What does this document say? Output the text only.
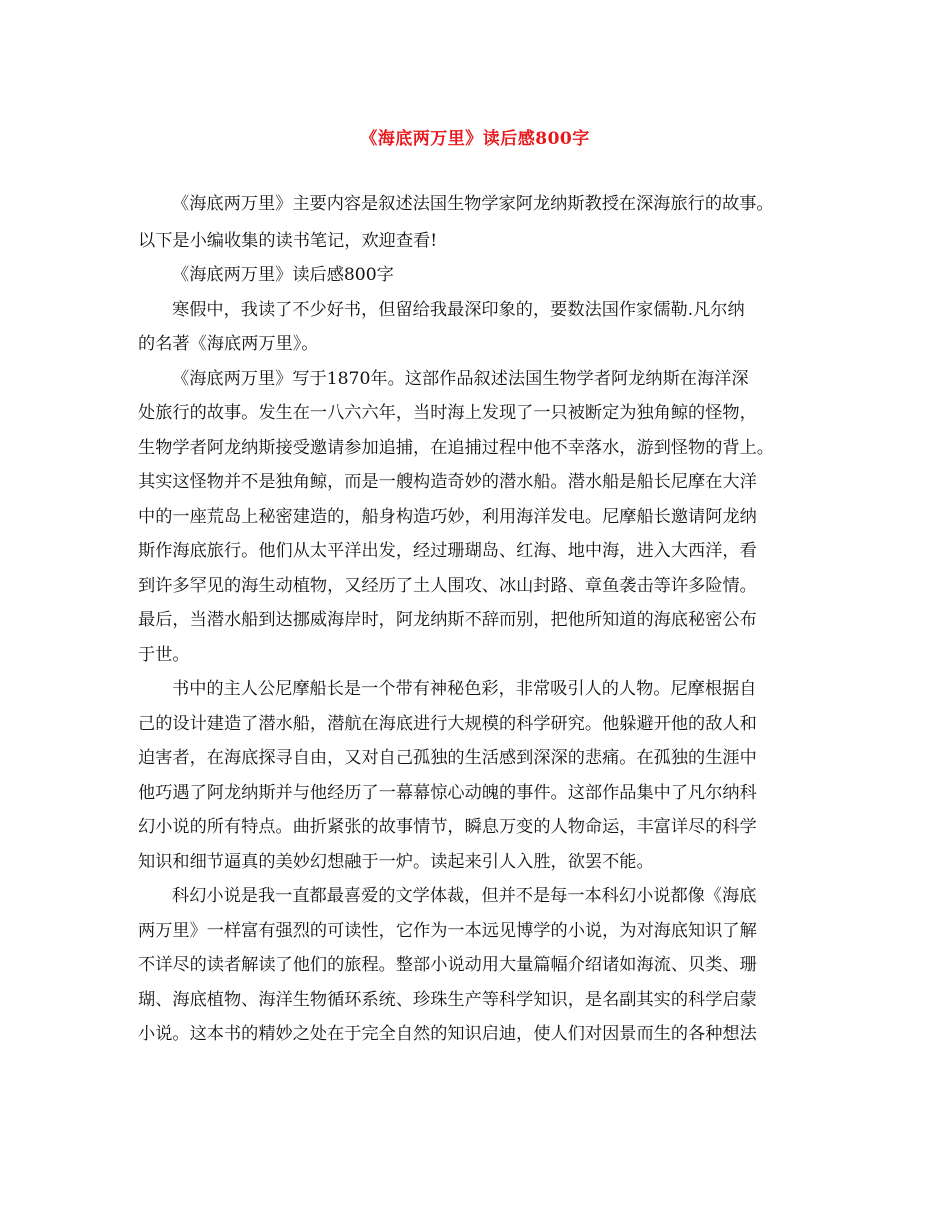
《海底两万里》读后感800字
《海底两万里》主要内容是叙述法国生物学家阿龙纳斯教授在深海旅行的故事。
以下是小编收集的读书笔记，欢迎查看!
《海底两万里》读后感800字
寒假中，我读了不少好书，但留给我最深印象的，要数法国作家儒勒.凡尔纳
的名著《海底两万里》。
《海底两万里》写于1870年。这部作品叙述法国生物学者阿龙纳斯在海洋深
处旅行的故事。发生在一八六六年，当时海上发现了一只被断定为独角鲸的怪物，
生物学者阿龙纳斯接受邀请参加追捕，在追捕过程中他不幸落水，游到怪物的背上。
其实这怪物并不是独角鲸，而是一艘构造奇妙的潜水船。潜水船是船长尼摩在大洋
中的一座荒岛上秘密建造的，船身构造巧妙，利用海洋发电。尼摩船长邀请阿龙纳
斯作海底旅行。他们从太平洋出发，经过珊瑚岛、红海、地中海，进入大西洋，看
到许多罕见的海生动植物，又经历了土人围攻、冰山封路、章鱼袭击等许多险情。
最后，当潜水船到达挪威海岸时，阿龙纳斯不辞而别，把他所知道的海底秘密公布
于世。
书中的主人公尼摩船长是一个带有神秘色彩，非常吸引人的人物。尼摩根据自
己的设计建造了潜水船，潜航在海底进行大规模的科学研究。他躲避开他的敌人和
迫害者，在海底探寻自由，又对自己孤独的生活感到深深的悲痛。在孤独的生涯中
他巧遇了阿龙纳斯并与他经历了一幕幕惊心动魄的事件。这部作品集中了凡尔纳科
幻小说的所有特点。曲折紧张的故事情节，瞬息万变的人物命运，丰富详尽的科学
知识和细节逼真的美妙幻想融于一炉。读起来引人入胜，欲罢不能。
科幻小说是我一直都最喜爱的文学体裁，但并不是每一本科幻小说都像《海底
两万里》一样富有强烈的可读性，它作为一本远见博学的小说，为对海底知识了解
不详尽的读者解读了他们的旅程。整部小说动用大量篇幅介绍诸如海流、贝类、珊
瑚、海底植物、海洋生物循环系统、珍珠生产等科学知识，是名副其实的科学启蒙
小说。这本书的精妙之处在于完全自然的知识启迪，使人们对因景而生的各种想法
